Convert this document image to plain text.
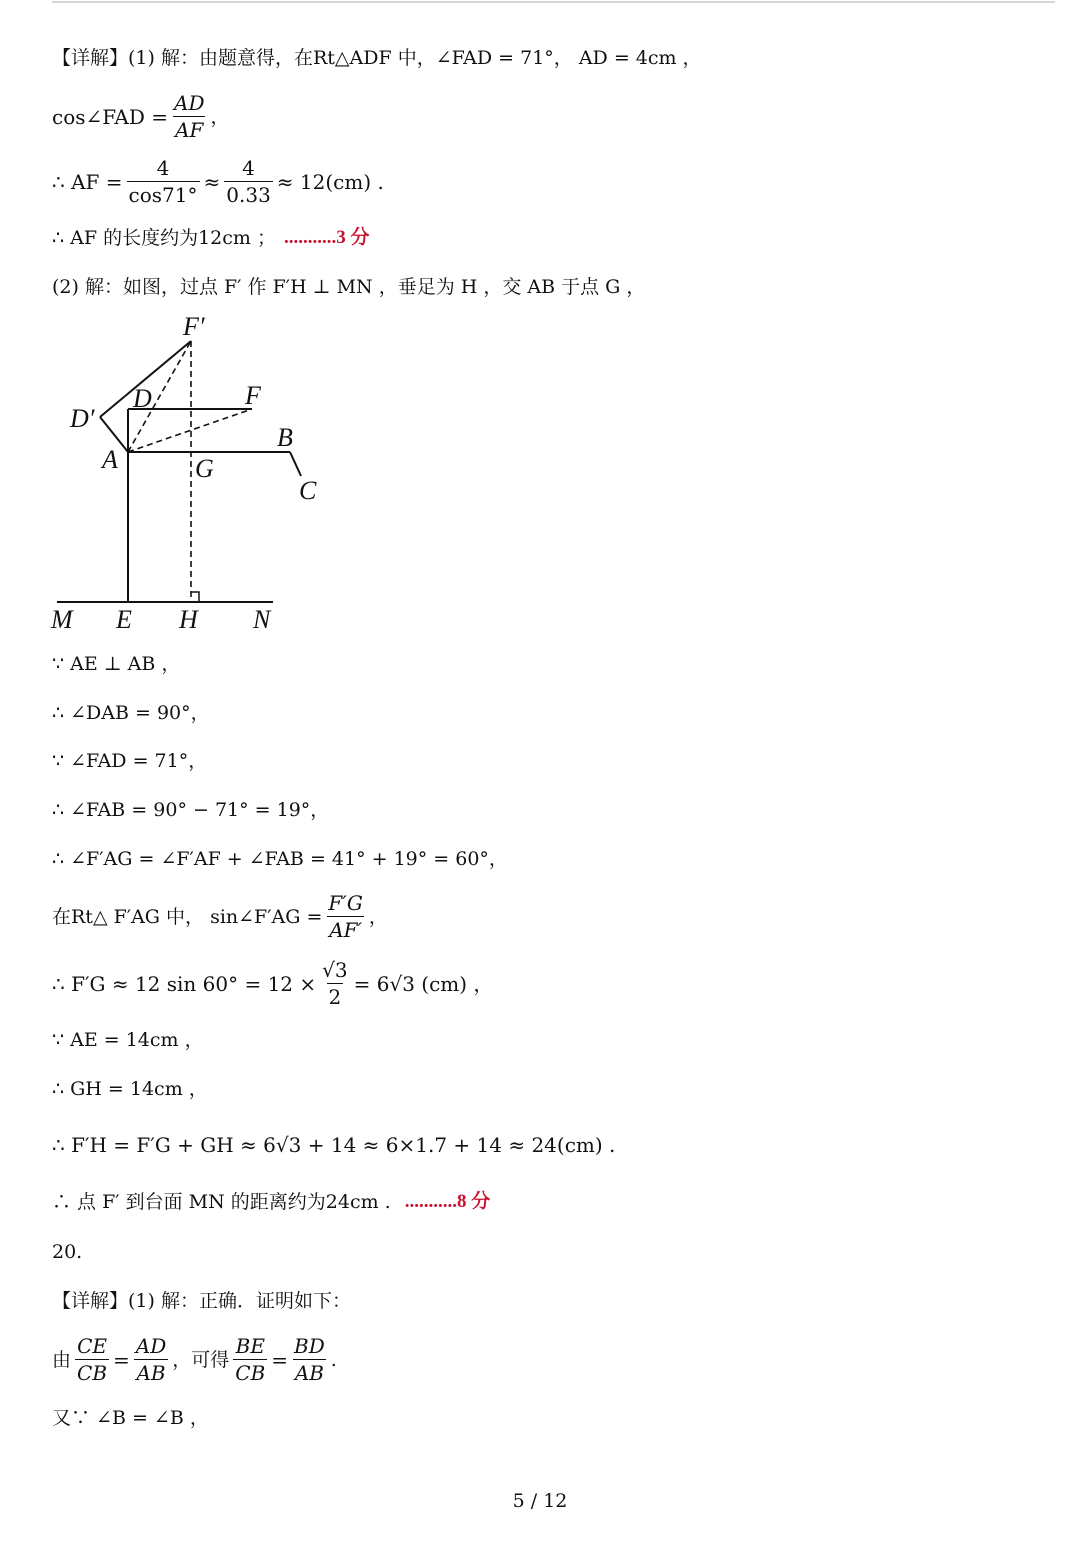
【详解】 (1) 解：由题意得，在Rt△ADF 中，∠FAD = 71°， AD = 4cm ，
cos∠FAD = $\frac{AD}{AF}$ ，
∴ AF = $\frac{4}{\cos 71^\circ} \approx \frac{4}{0.33} \approx 12(cm)$ .
∴ AF 的长度约为12cm ； ...........3 分
(2) 解：如图，过点 F′ 作 F′H ⊥ MN ，垂足为 H ，交 AB 于点 G ，
F′
D′
D	F
A
B
G
C
M E H N
∵ AE ⊥ AB ，
∴ ∠DAB = 90°，
∵ ∠FAD = 71°，
∴ ∠FAB = 90° − 71° = 19°，
∴ ∠F′AG = ∠F′AF + ∠FAB = 41° + 19° = 60°，
在Rt△ F′AG 中， sin∠F′AG = $\frac{F'G}{AF'}$ ，
∴ F′G ≈ 12 $\sin 60^\circ = 12 \times \frac{√3}{2} = 6√3$ (cm) ，
∵ AE = 14cm ，
∴ GH = 14cm ，
∴ F′H = F′G + GH ≈ 6√3 + 14 ≈ 6×1.7 + 14 ≈ 24(cm) .
∴ 点 F′ 到台面 MN 的距离约为24cm . ...........8 分
20.
【详解】 (1) 解：正确．证明如下：
由 $\frac{CE}{CB} = \frac{AD}{AB}$ ，可得 $\frac{BE}{CB} = \frac{BD}{AB}$ .
又∵ ∠B = ∠B ，
5 / 12
